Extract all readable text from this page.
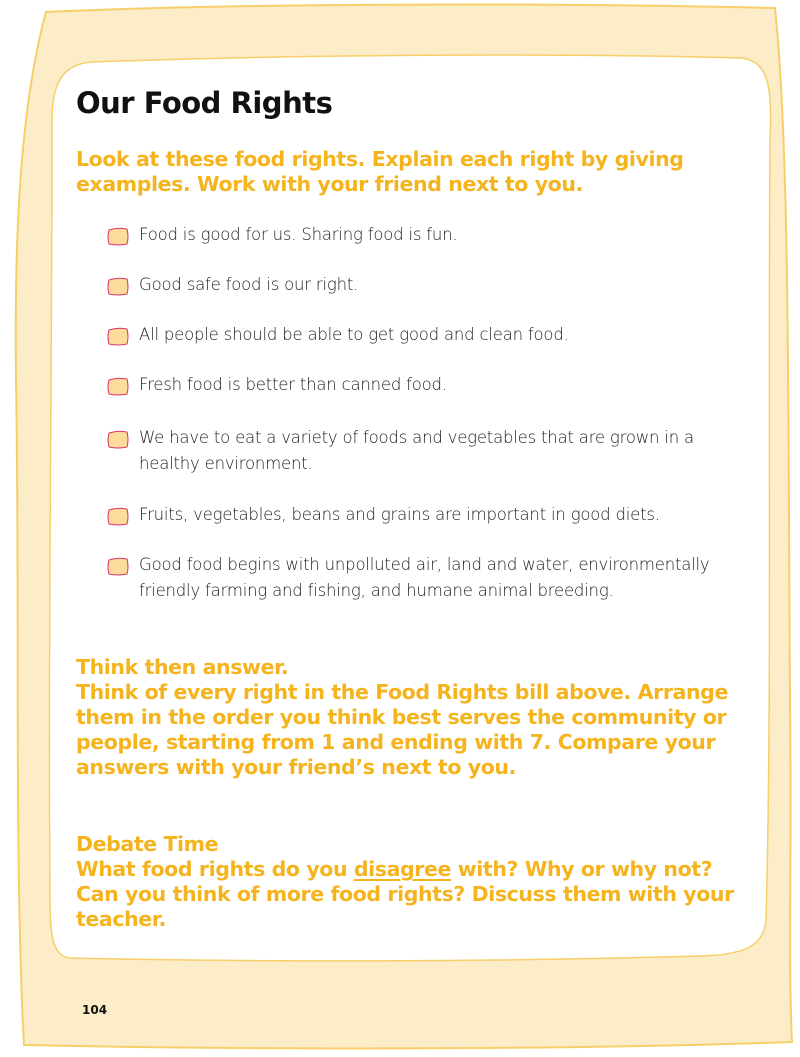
Our Food Rights
Look at these food rights. Explain each right by giving examples. Work with your friend next to you.
Food is good for us. Sharing food is fun.
Good safe food is our right.
All people should be able to get good and clean food.
Fresh food is better than canned food.
We have to eat a variety of foods and vegetables that are grown in a healthy environment.
Fruits, vegetables, beans and grains are important in good diets.
Good food begins with unpolluted air, land and water, environmentally friendly farming and fishing, and humane animal breeding.
Think then answer.
Think of every right in the Food Rights bill above. Arrange them in the order you think best serves the community or people, starting from 1 and ending with 7. Compare your answers with your friend’s next to you.
Debate Time
What food rights do you disagree with? Why or why not? Can you think of more food rights? Discuss them with your teacher.
104
